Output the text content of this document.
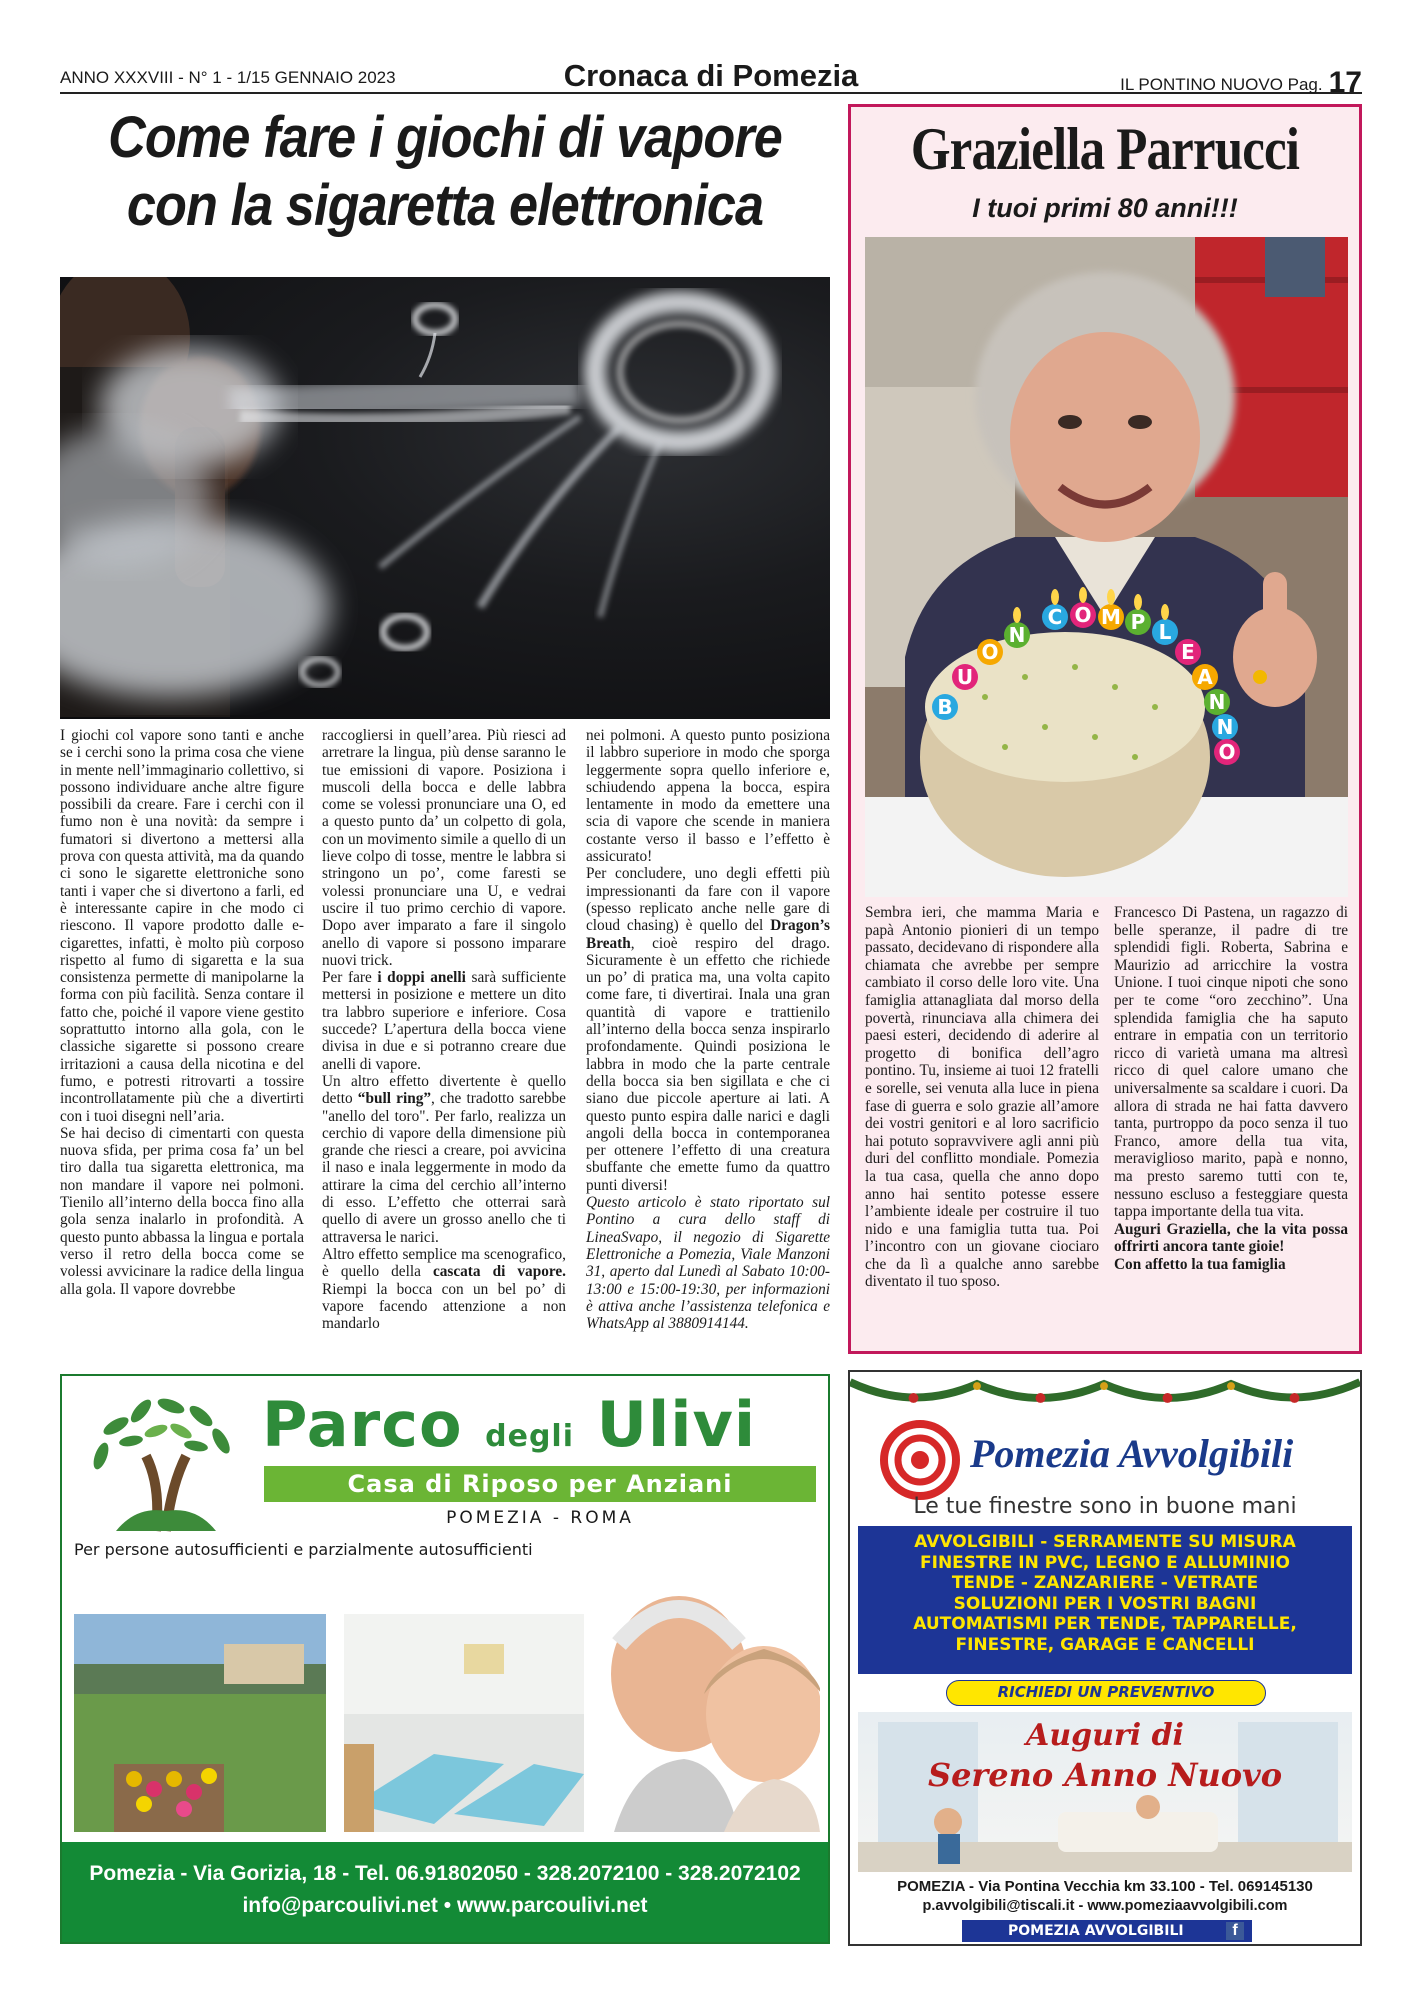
ANNO XXXVIII - N° 1 - 1/15 GENNAIO 2023	Cronaca di Pomezia	IL PONTINO NUOVO Pag. 17
Come fare i giochi di vapore
con la sigaretta elettronica

I giochi col vapore sono tanti e anche se i cerchi sono la prima cosa che viene in mente nell’immaginario collettivo, si possono individuare anche altre figure possibili da creare. Fare i cerchi con il fumo non è una novità: da sempre i fumatori si divertono a mettersi alla prova con questa attività, ma da quando ci sono le sigarette elettroniche sono tanti i vaper che si divertono a farli, ed è interessante capire in che modo ci riescono. Il vapore prodotto dalle e-cigarettes, infatti, è molto più corposo rispetto al fumo di sigaretta e la sua consistenza permette di manipolarne la forma con più facilità. Senza contare il fatto che, poiché il vapore viene gestito soprattutto intorno alla gola, con le classiche sigarette si possono creare irritazioni a causa della nicotina e del fumo, e potresti ritrovarti a tossire incontrollatamente più che a divertirti con i tuoi disegni nell’aria.

Se hai deciso di cimentarti con questa nuova sfida, per prima cosa fa’ un bel tiro dalla tua sigaretta elettronica, ma non mandare il vapore nei polmoni. Tienilo all’interno della bocca fino alla gola senza inalarlo in profondità. A questo punto abbassa la lingua e portala verso il retro della bocca come se volessi avvicinare la radice della lingua alla gola. Il vapore dovrebbe

raccogliersi in quell’area. Più riesci ad arretrare la lingua, più dense saranno le tue emissioni di vapore. Posiziona i muscoli della bocca e delle labbra come se volessi pronunciare una O, ed a questo punto da’ un colpetto di gola, con un movimento simile a quello di un lieve colpo di tosse, mentre le labbra si stringono un po’, come faresti se volessi pronunciare una U, e vedrai uscire il tuo primo cerchio di vapore. Dopo aver imparato a fare il singolo anello di vapore si possono imparare nuovi trick.

Per fare i doppi anelli sarà sufficiente mettersi in posizione e mettere un dito tra labbro superiore e inferiore. Cosa succede? L’apertura della bocca viene divisa in due e si potranno creare due anelli di vapore.

Un altro effetto divertente è quello detto “bull ring”, che tradotto sarebbe "anello del toro". Per farlo, realizza un cerchio di vapore della dimensione più grande che riesci a creare, poi avvicina il naso e inala leggermente in modo da attirare la cima del cerchio all’interno di esso. L’effetto che otterrai sarà quello di avere un grosso anello che ti attraversa le narici.

Altro effetto semplice ma scenografico, è quello della cascata di vapore. Riempi la bocca con un bel po’ di vapore facendo attenzione a non mandarlo

nei polmoni. A questo punto posiziona il labbro superiore in modo che sporga leggermente sopra quello inferiore e, schiudendo appena la bocca, espira lentamente in modo da emettere una scia di vapore che scende in maniera costante verso il basso e l’effetto è assicurato!

Per concludere, uno degli effetti più impressionanti da fare con il vapore (spesso replicato anche nelle gare di cloud chasing) è quello del Dragon’s Breath, cioè respiro del drago. Sicuramente è un effetto che richiede un po’ di pratica ma, una volta capito come fare, ti divertirai. Inala una gran quantità di vapore e trattienilo all’interno della bocca senza inspirarlo profondamente. Quindi posiziona le labbra in modo che la parte centrale della bocca sia ben sigillata e che ci siano due piccole aperture ai lati. A questo punto espira dalle narici e dagli angoli della bocca in contemporanea per ottenere l’effetto di una creatura sbuffante che emette fumo da quattro punti diversi!

Questo articolo è stato riportato sul Pontino a cura dello staff di LineaSvapo, il negozio di Sigarette Elettroniche a Pomezia, Viale Manzoni 31, aperto dal Lunedì al Sabato 10:00-13:00 e 15:00-19:30, per informazioni è attiva anche l’assistenza telefonica e WhatsApp al 3880914144.

Graziella Parrucci
I tuoi primi 80 anni!!!
B
U
O
N
C O M P L
E
A
N
N
O
Sembra ieri, che mamma Maria e papà Antonio pionieri di un tempo passato, decidevano di rispondere alla chiamata che avrebbe per sempre cambiato il corso delle loro vite. Una famiglia attanagliata dal morso della povertà, rinunciava alla chimera dei paesi esteri, decidendo di aderire al progetto di bonifica dell’agro pontino. Tu, insieme ai tuoi 12 fratelli e sorelle, sei venuta alla luce in piena fase di guerra e solo grazie all’amore dei vostri genitori e al loro sacrificio hai potuto sopravvivere agli anni più duri del conflitto mondiale. Pomezia la tua casa, quella che anno dopo anno hai sentito potesse essere l’ambiente ideale per costruire il tuo nido e una famiglia tutta tua. Poi l’incontro con un giovane ciociaro che da lì a qualche anno sarebbe diventato il tuo sposo.
Francesco Di Pastena, un ragazzo di belle speranze, il padre di tre splendidi figli. Roberta, Sabrina e Maurizio ad arricchire la vostra Unione. I tuoi cinque nipoti che sono per te come “oro zecchino”. Una splendida famiglia che ha saputo entrare in empatia con un territorio ricco di varietà umana ma altresì ricco di quel calore umano che universalmente sa scaldare i cuori. Da allora di strada ne hai fatta davvero tanta, purtroppo da poco senza il tuo Franco, amore della tua vita, meraviglioso marito, papà e nonno, ma presto saremo tutti con te, nessuno escluso a festeggiare questa tappa importante della tua vita.
Auguri Graziella, che la vita possa offrirti ancora tante gioie!
Con affetto la tua famiglia
Parco degli Ulivi
Casa di Riposo per Anziani
POMEZIA - ROMA
Per persone autosufficienti e parzialmente autosufficienti
Pomezia - Via Gorizia, 18 - Tel. 06.91802050 - 328.2072100 - 328.2072102
info@parcoulivi.net • www.parcoulivi.net
Pomezia Avvolgibili
Le tue finestre sono in buone mani
AVVOLGIBILI - SERRAMENTE SU MISURA
FINESTRE IN PVC, LEGNO E ALLUMINIO
TENDE - ZANZARIERE - VETRATE
SOLUZIONI PER I VOSTRI BAGNI
AUTOMATISMI PER TENDE, TAPPARELLE,
FINESTRE, GARAGE E CANCELLI
RICHIEDI UN PREVENTIVO
Auguri di
Sereno Anno Nuovo
POMEZIA - Via Pontina Vecchia km 33.100 - Tel. 069145130
p.avvolgibili@tiscali.it - www.pomeziaavvolgibili.com
POMEZIA AVVOLGIBILI	f
